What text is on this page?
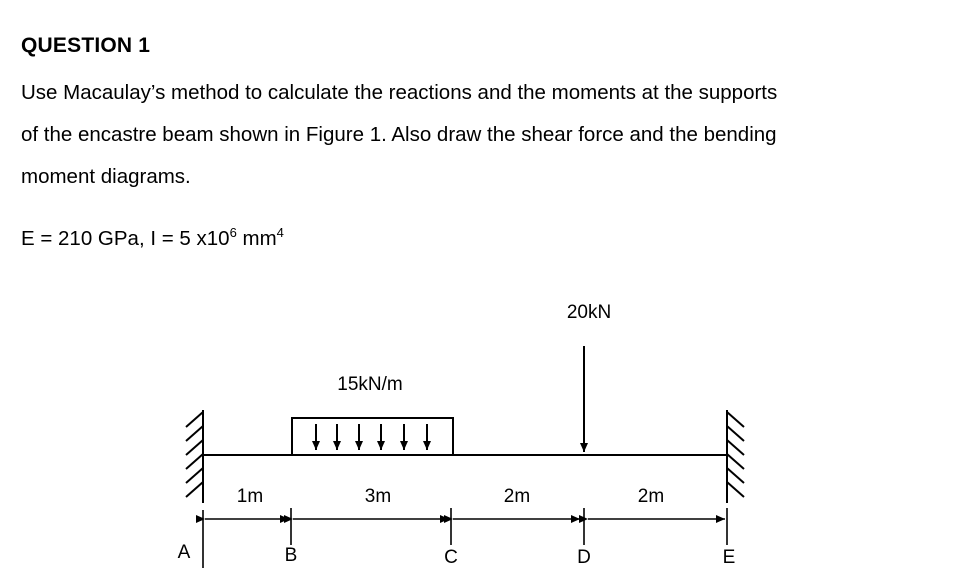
QUESTION 1
Use Macaulay’s method to calculate the reactions and the moments at the supports
of the encastre beam shown in Figure 1. Also draw the shear force and the bending
moment diagrams.
E = 210 GPa, I = 5 $x10^6$ $mm^4$
15kN/m
20kN
1m	3m	2m	2m
A	B	C	D	E
